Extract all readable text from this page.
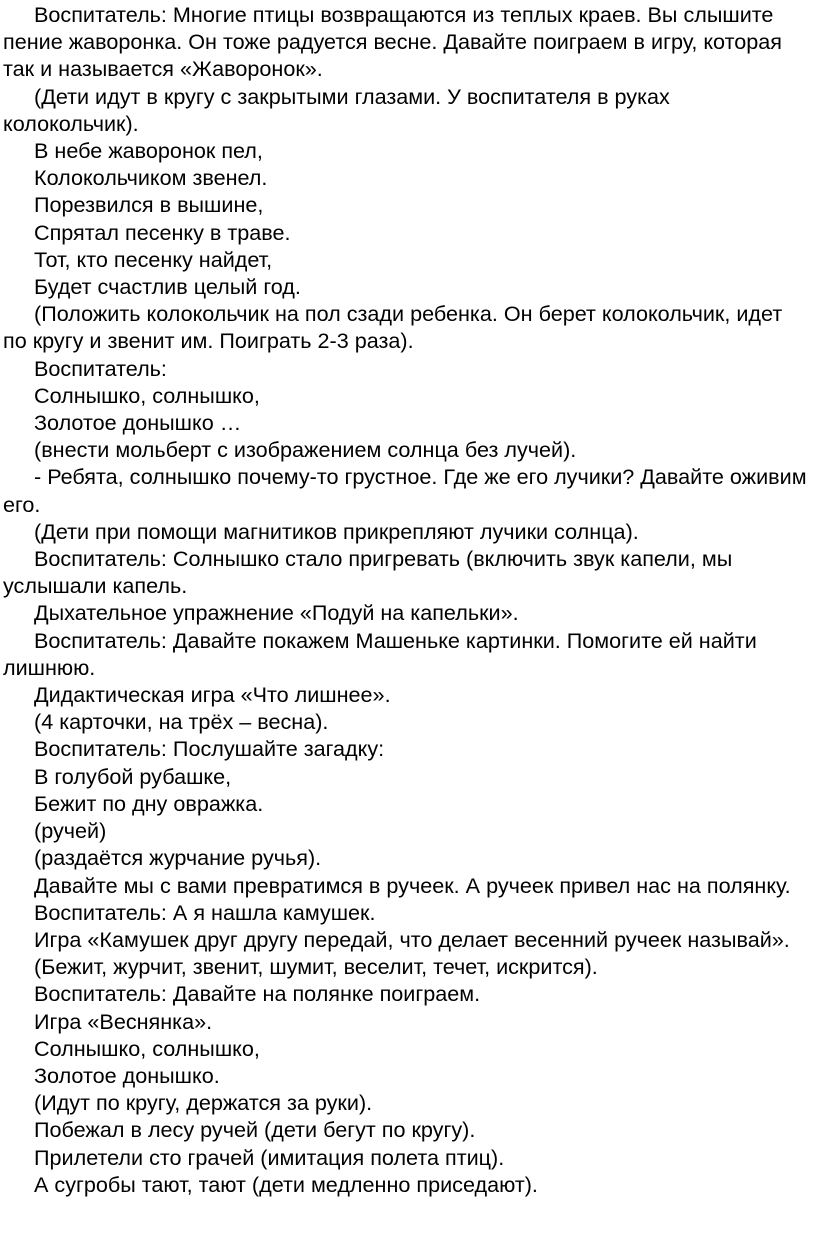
Воспитатель: Многие птицы возвращаются из теплых краев. Вы слышите пение жаворонка. Он тоже радуется весне. Давайте поиграем в игру, которая так и называется «Жаворонок».

(Дети идут в кругу с закрытыми глазами. У воспитателя в руках колокольчик).

В небе жаворонок пел,

Колокольчиком звенел.

Порезвился в вышине,

Спрятал песенку в траве.

Тот, кто песенку найдет,

Будет счастлив целый год.

(Положить колокольчик на пол сзади ребенка. Он берет колокольчик, идет по кругу и звенит им. Поиграть 2-3 раза).

Воспитатель:

Солнышко, солнышко,

Золотое донышко …

(внести мольберт с изображением солнца без лучей).

- Ребята, солнышко почему-то грустное. Где же его лучики? Давайте оживим его.

(Дети при помощи магнитиков прикрепляют лучики солнца).

Воспитатель: Солнышко стало пригревать (включить звук капели, мы услышали капель.

Дыхательное упражнение «Подуй на капельки».

Воспитатель: Давайте покажем Машеньке картинки. Помогите ей найти лишнюю.

Дидактическая игра «Что лишнее».

(4 карточки, на трёх – весна).

Воспитатель: Послушайте загадку:

В голубой рубашке,

Бежит по дну овражка.

(ручей)

(раздаётся журчание ручья).

Давайте мы с вами превратимся в ручеек. А ручеек привел нас на полянку.

Воспитатель: А я нашла камушек.

Игра «Камушек друг другу передай, что делает весенний ручеек называй».

(Бежит, журчит, звенит, шумит, веселит, течет, искрится).

Воспитатель: Давайте на полянке поиграем.

Игра «Веснянка».

Солнышко, солнышко,

Золотое донышко.

(Идут по кругу, держатся за руки).

Побежал в лесу ручей (дети бегут по кругу).

Прилетели сто грачей (имитация полета птиц).

А сугробы тают, тают (дети медленно приседают).
